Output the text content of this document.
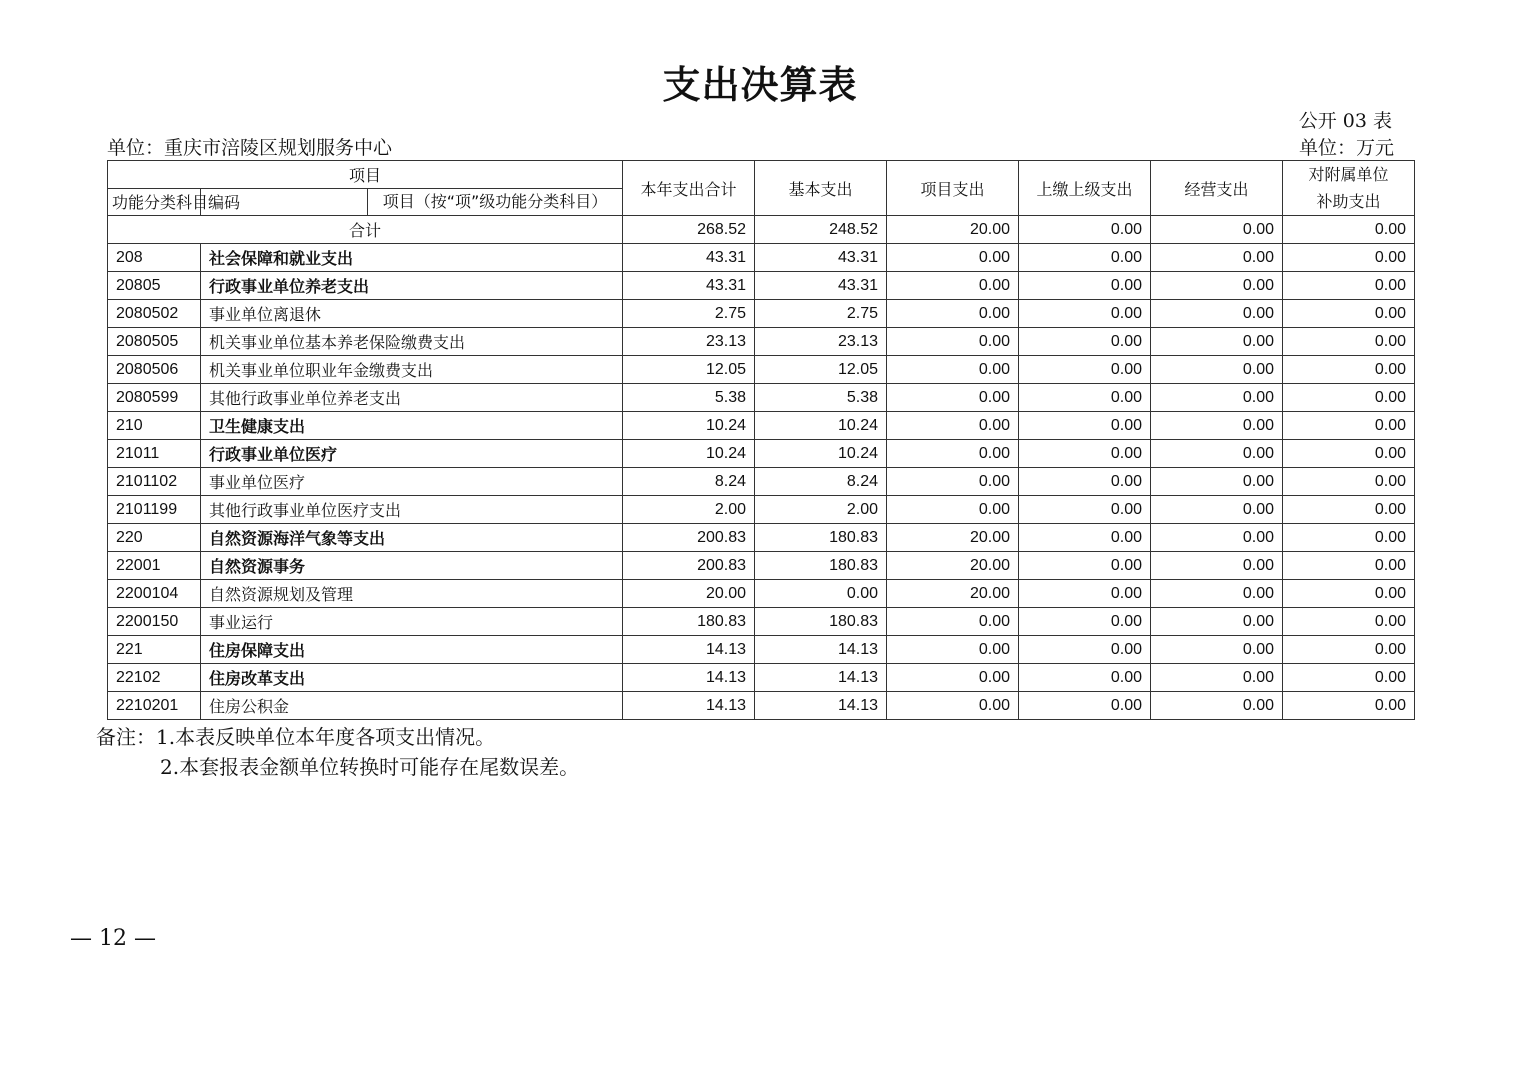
支出决算表
公开 03 表
单位：重庆市涪陵区规划服务中心	单位：万元
项目		本年支出合计	基本支出	项目支出	上缴上级支出	经营支出	对附属单位
补助支出

功能分类科目编码	项目（按“项”级功能分类科目）						

合计		268.52	248.52	20.00	0.00	0.00	0.00
208	社会保障和就业支出	43.31	43.31	0.00	0.00	0.00	0.00
20805	行政事业单位养老支出	43.31	43.31	0.00	0.00	0.00	0.00
2080502	事业单位离退休	2.75	2.75	0.00	0.00	0.00	0.00
2080505	机关事业单位基本养老保险缴费支出	23.13	23.13	0.00	0.00	0.00	0.00
2080506	机关事业单位职业年金缴费支出	12.05	12.05	0.00	0.00	0.00	0.00
2080599	其他行政事业单位养老支出	5.38	5.38	0.00	0.00	0.00	0.00
210	卫生健康支出	10.24	10.24	0.00	0.00	0.00	0.00
21011	行政事业单位医疗	10.24	10.24	0.00	0.00	0.00	0.00
2101102	事业单位医疗	8.24	8.24	0.00	0.00	0.00	0.00
2101199	其他行政事业单位医疗支出	2.00	2.00	0.00	0.00	0.00	0.00
220	自然资源海洋气象等支出	200.83	180.83	20.00	0.00	0.00	0.00
22001	自然资源事务	200.83	180.83	20.00	0.00	0.00	0.00
2200104	自然资源规划及管理	20.00	0.00	20.00	0.00	0.00	0.00
2200150	事业运行	180.83	180.83	0.00	0.00	0.00	0.00
221	住房保障支出	14.13	14.13	0.00	0.00	0.00	0.00
22102	住房改革支出	14.13	14.13	0.00	0.00	0.00	0.00
2210201	住房公积金	14.13	14.13	0.00	0.00	0.00	0.00
备注：1.本表反映单位本年度各项支出情况。
2.本套报表金额单位转换时可能存在尾数误差。
— 12 —
